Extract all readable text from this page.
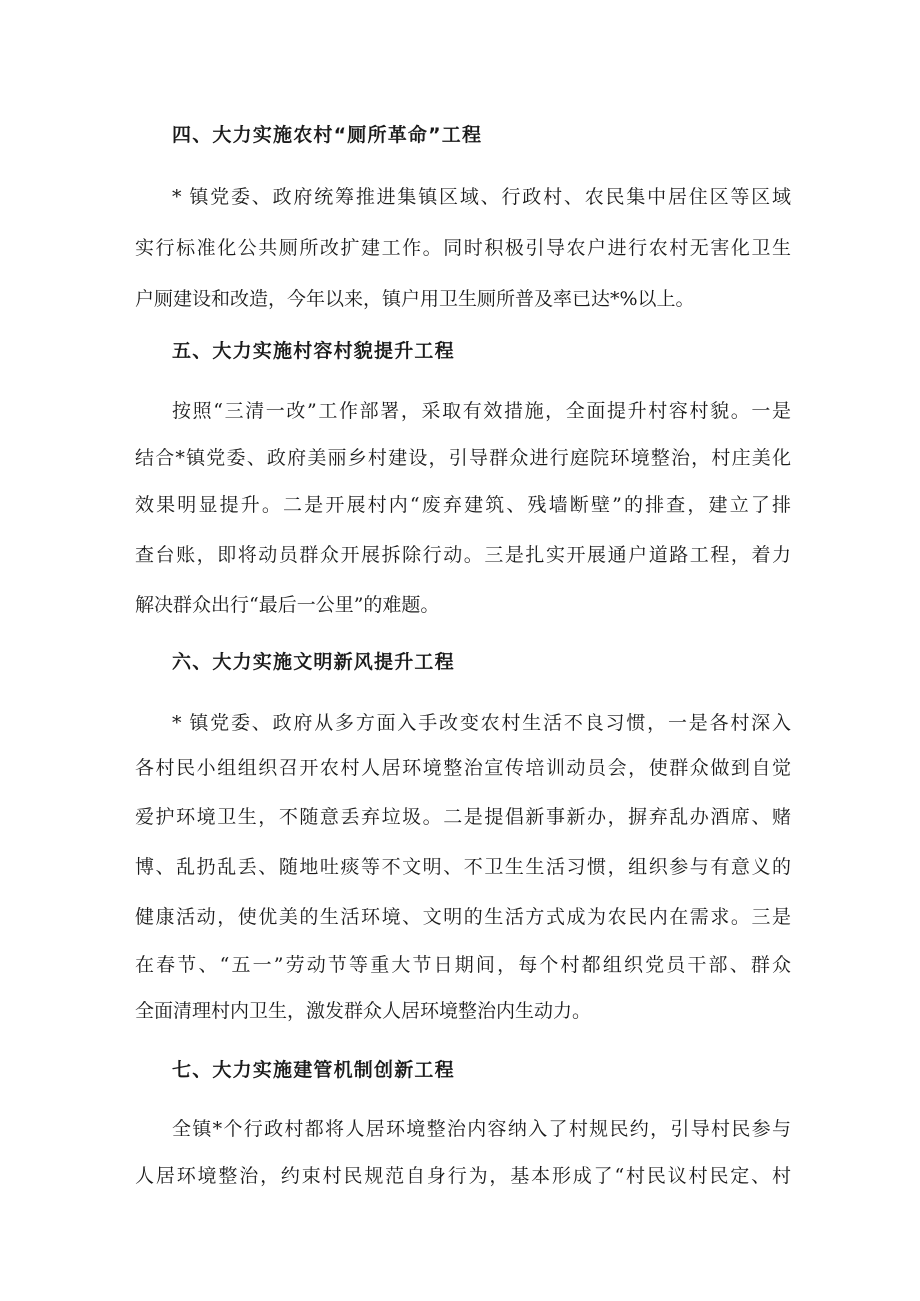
四、大力实施农村“厕所革命”工程
* 镇党委、政府统筹推进集镇区域、行政村、农民集中居住区等区域
实行标准化公共厕所改扩建工作。同时积极引导农户进行农村无害化卫生
户厕建设和改造，今年以来，镇户用卫生厕所普及率已达*%以上。
五、大力实施村容村貌提升工程
按照“三清一改”工作部署，采取有效措施，全面提升村容村貌。一是
结合*镇党委、政府美丽乡村建设，引导群众进行庭院环境整治，村庄美化
效果明显提升。二是开展村内“废弃建筑、残墙断壁”的排查，建立了排
查台账，即将动员群众开展拆除行动。三是扎实开展通户道路工程，着力
解决群众出行“最后一公里”的难题。
六、大力实施文明新风提升工程
* 镇党委、政府从多方面入手改变农村生活不良习惯，一是各村深入
各村民小组组织召开农村人居环境整治宣传培训动员会，使群众做到自觉
爱护环境卫生，不随意丢弃垃圾。二是提倡新事新办，摒弃乱办酒席、赌
博、乱扔乱丢、随地吐痰等不文明、不卫生生活习惯，组织参与有意义的
健康活动，使优美的生活环境、文明的生活方式成为农民内在需求。三是
在春节、“五一”劳动节等重大节日期间，每个村都组织党员干部、群众
全面清理村内卫生，激发群众人居环境整治内生动力。
七、大力实施建管机制创新工程
全镇*个行政村都将人居环境整治内容纳入了村规民约，引导村民参与
人居环境整治，约束村民规范自身行为，基本形成了“村民议村民定、村
